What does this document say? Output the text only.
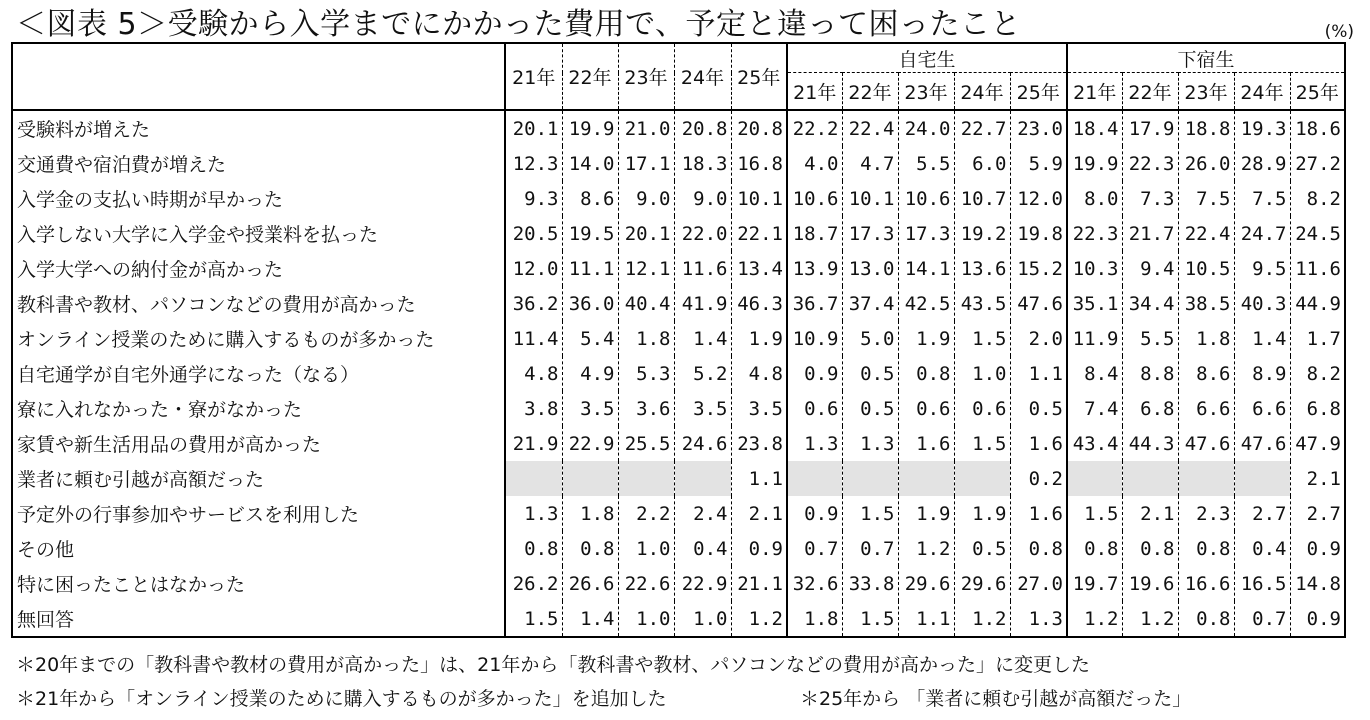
＜図表 5＞受験から入学までにかかった費用で、予定と違って困ったこと	(%)
	21年	22年	23年	24年	25年	自宅生					下宿生				
						21年	22年	23年	24年	25年	21年	22年	23年	24年	25年
受験料が増えた	20.1	19.9	21.0	20.8	20.8	22.2	22.4	24.0	22.7	23.0	18.4	17.9	18.8	19.3	18.6
交通費や宿泊費が増えた	12.3	14.0	17.1	18.3	16.8	4.0	4.7	5.5	6.0	5.9	19.9	22.3	26.0	28.9	27.2
入学金の支払い時期が早かった	9.3	8.6	9.0	9.0	10.1	10.6	10.1	10.6	10.7	12.0	8.0	7.3	7.5	7.5	8.2
入学しない大学に入学金や授業料を払った	20.5	19.5	20.1	22.0	22.1	18.7	17.3	17.3	19.2	19.8	22.3	21.7	22.4	24.7	24.5
入学大学への納付金が高かった	12.0	11.1	12.1	11.6	13.4	13.9	13.0	14.1	13.6	15.2	10.3	9.4	10.5	9.5	11.6
教科書や教材、パソコンなどの費用が高かった	36.2	36.0	40.4	41.9	46.3	36.7	37.4	42.5	43.5	47.6	35.1	34.4	38.5	40.3	44.9
オンライン授業のために購入するものが多かった	11.4	5.4	1.8	1.4	1.9	10.9	5.0	1.9	1.5	2.0	11.9	5.5	1.8	1.4	1.7
自宅通学が自宅外通学になった（なる）	4.8	4.9	5.3	5.2	4.8	0.9	0.5	0.8	1.0	1.1	8.4	8.8	8.6	8.9	8.2
寮に入れなかった・寮がなかった	3.8	3.5	3.6	3.5	3.5	0.6	0.5	0.6	0.6	0.5	7.4	6.8	6.6	6.6	6.8
家賃や新生活用品の費用が高かった	21.9	22.9	25.5	24.6	23.8	1.3	1.3	1.6	1.5	1.6	43.4	44.3	47.6	47.6	47.9
業者に頼む引越が高額だった					1.1					0.2					2.1
予定外の行事参加やサービスを利用した	1.3	1.8	2.2	2.4	2.1	0.9	1.5	1.9	1.9	1.6	1.5	2.1	2.3	2.7	2.7
その他	0.8	0.8	1.0	0.4	0.9	0.7	0.7	1.2	0.5	0.8	0.8	0.8	0.8	0.4	0.9
特に困ったことはなかった	26.2	26.6	22.6	22.9	21.1	32.6	33.8	29.6	29.6	27.0	19.7	19.6	16.6	16.5	14.8
無回答	1.5	1.4	1.0	1.0	1.2	1.8	1.5	1.1	1.2	1.3	1.2	1.2	0.8	0.7	0.9
＊20年までの「教科書や教材の費用が高かった」は、21年から「教科書や教材、パソコンなどの費用が高かった」に変更した
＊21年から「オンライン授業のために購入するものが多かった」を追加した	＊25年から 「業者に頼む引越が高額だった」
